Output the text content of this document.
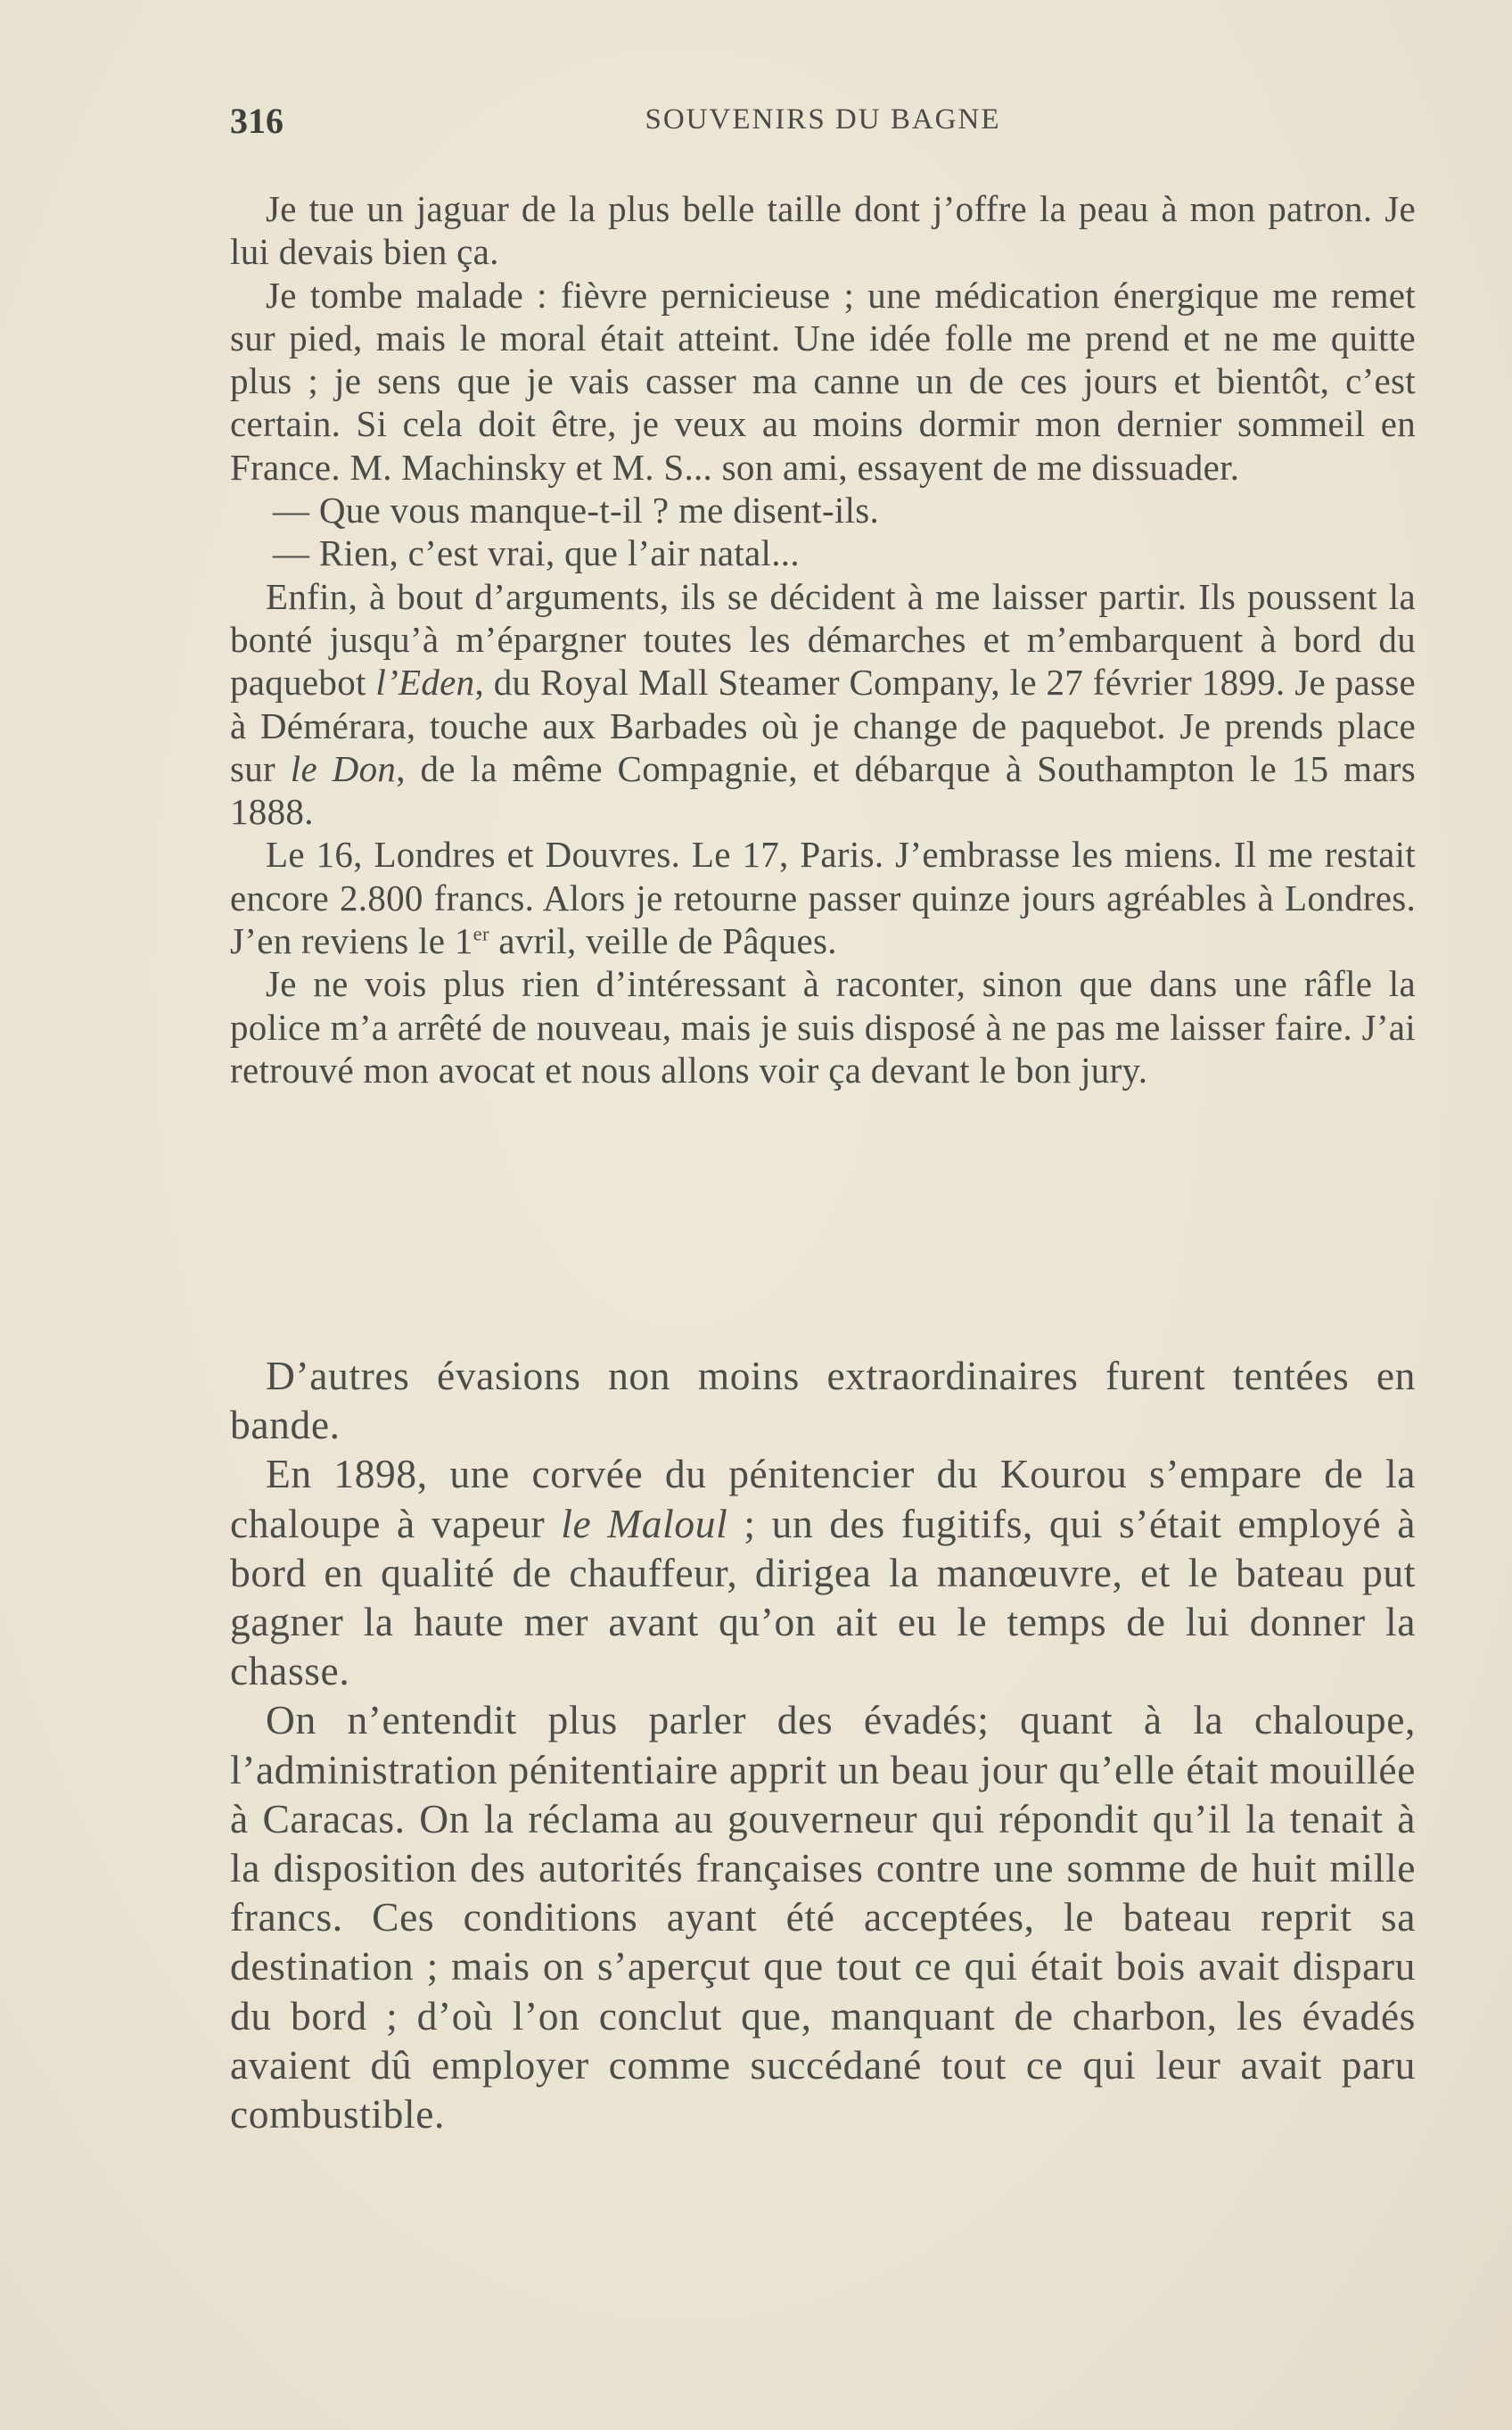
316	SOUVENIRS DU BAGNE

Je tue un jaguar de la plus belle taille dont j’offre la peau à mon patron. Je lui devais bien ça.

Je tombe malade : fièvre pernicieuse ; une médication énergique me remet sur pied, mais le moral était atteint. Une idée folle me prend et ne me quitte plus ; je sens que je vais casser ma canne un de ces jours et bientôt, c’est certain. Si cela doit être, je veux au moins dormir mon dernier sommeil en France. M. Machinsky et M. S... son ami, essayent de me dissuader.

— Que vous manque-t-il ? me disent-ils.

— Rien, c’est vrai, que l’air natal...

Enfin, à bout d’arguments, ils se décident à me laisser partir. Ils poussent la bonté jusqu’à m’épargner toutes les démarches et m’embarquent à bord du paquebot l’Eden, du Royal Mall Steamer Company, le 27 février 1899. Je passe à Démérara, touche aux Barbades où je change de paquebot. Je prends place sur le Don, de la même Compagnie, et débarque à Southampton le 15 mars 1888.

Le 16, Londres et Douvres. Le 17, Paris. J’embrasse les miens. Il me restait encore 2.800 francs. Alors je retourne passer quinze jours agréables à Londres. J’en reviens le 1er avril, veille de Pâques.

Je ne vois plus rien d’intéressant à raconter, sinon que dans une râfle la police m’a arrêté de nouveau, mais je suis disposé à ne pas me laisser faire. J’ai retrouvé mon avocat et nous allons voir ça devant le bon jury.

D’autres évasions non moins extraordinaires furent tentées en bande.

En 1898, une corvée du pénitencier du Kourou s’empare de la chaloupe à vapeur le Maloul ; un des fugitifs, qui s’était employé à bord en qualité de chauffeur, dirigea la manœuvre, et le bateau put gagner la haute mer avant qu’on ait eu le temps de lui donner la chasse.

On n’entendit plus parler des évadés; quant à la chaloupe, l’administration pénitentiaire apprit un beau jour qu’elle était mouillée à Caracas. On la réclama au gouverneur qui répondit qu’il la tenait à la disposition des autorités françaises contre une somme de huit mille francs. Ces conditions ayant été acceptées, le bateau reprit sa destination ; mais on s’aperçut que tout ce qui était bois avait disparu du bord ; d’où l’on conclut que, manquant de charbon, les évadés avaient dû employer comme succédané tout ce qui leur avait paru combustible.
